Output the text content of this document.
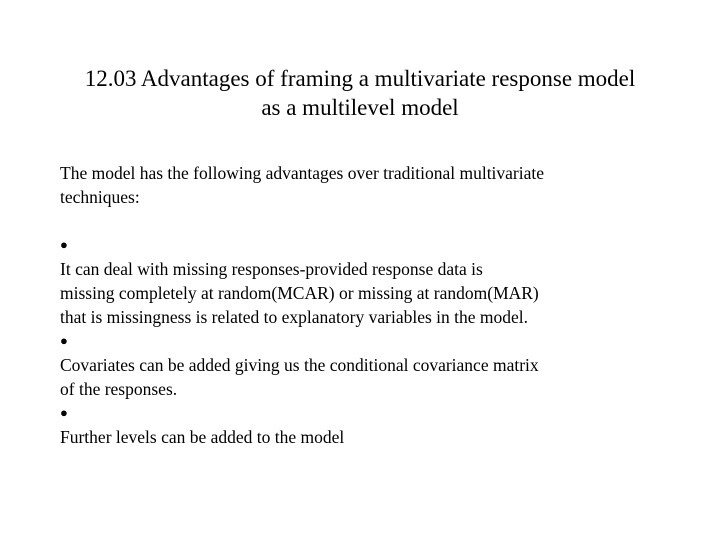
12.03 Advantages of framing a multivariate response model
as a multilevel model
The model has the following advantages over traditional multivariate
techniques:
●
It can deal with missing responses-provided response data is
missing completely at random(MCAR) or missing at random(MAR)
that is missingness is related to explanatory variables in the model.
●
Covariates can be added giving us the conditional covariance matrix
of the responses.
●
Further levels can be added to the model
